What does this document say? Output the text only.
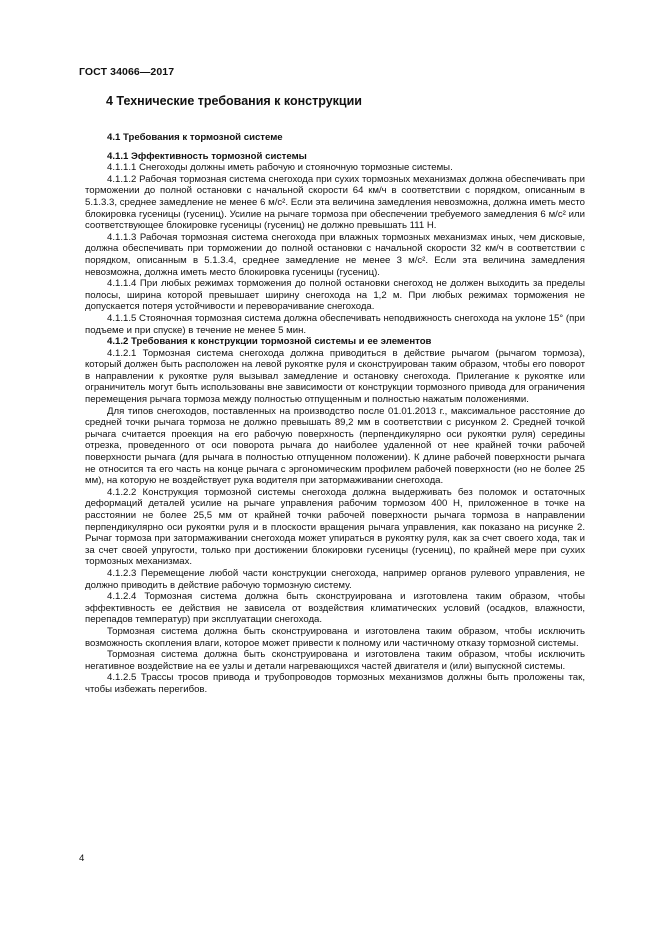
ГОСТ 34066—2017
4 Технические требования к конструкции
4.1 Требования к тормозной системе
4.1.1 Эффективность тормозной системы

4.1.1.1 Снегоходы должны иметь рабочую и стояночную тормозные системы.

4.1.1.2 Рабочая тормозная система снегохода при сухих тормозных механизмах должна обеспечивать при торможении до полной остановки с начальной скорости 64 км/ч в соответствии с порядком, описанным в 5.1.3.3, среднее замедление не менее 6 м/с². Если эта величина замедления невозможна, должна иметь место блокировка гусеницы (гусениц). Усилие на рычаге тормоза при обеспечении требуемого замедления 6 м/с² или соответствующее блокировке гусеницы (гусениц) не должно превышать 111 Н.

4.1.1.3 Рабочая тормозная система снегохода при влажных тормозных механизмах иных, чем дисковые, должна обеспечивать при торможении до полной остановки с начальной скорости 32 км/ч в соответствии с порядком, описанным в 5.1.3.4, среднее замедление не менее 3 м/с². Если эта величина замедления невозможна, должна иметь место блокировка гусеницы (гусениц).

4.1.1.4 При любых режимах торможения до полной остановки снегоход не должен выходить за пределы полосы, ширина которой превышает ширину снегохода на 1,2 м. При любых режимах торможения не допускается потеря устойчивости и переворачивание снегохода.

4.1.1.5 Стояночная тормозная система должна обеспечивать неподвижность снегохода на уклоне 15° (при подъеме и при спуске) в течение не менее 5 мин.

4.1.2 Требования к конструкции тормозной системы и ее элементов

4.1.2.1 Тормозная система снегохода должна приводиться в действие рычагом (рычагом тормоза), который должен быть расположен на левой рукоятке руля и сконструирован таким образом, чтобы его поворот в направлении к рукоятке руля вызывал замедление и остановку снегохода. Прилегание к рукоятке или ограничитель могут быть использованы вне зависимости от конструкции тормозного привода для ограничения перемещения рычага тормоза между полностью отпущенным и полностью нажатым положениями.

Для типов снегоходов, поставленных на производство после 01.01.2013 г., максимальное расстояние до средней точки рычага тормоза не должно превышать 89,2 мм в соответствии с рисунком 2. Средней точкой рычага считается проекция на его рабочую поверхность (перпендикулярно оси рукоятки руля) середины отрезка, проведенного от оси поворота рычага до наиболее удаленной от нее крайней точки рабочей поверхности рычага (для рычага в полностью отпущенном положении). К длине рабочей поверхности рычага не относится та его часть на конце рычага с эргономическим профилем рабочей поверхности (но не более 25 мм), на которую не воздействует рука водителя при затормаживании снегохода.

4.1.2.2 Конструкция тормозной системы снегохода должна выдерживать без поломок и остаточных деформаций деталей усилие на рычаге управления рабочим тормозом 400 Н, приложенное в точке на расстоянии не более 25,5 мм от крайней точки рабочей поверхности рычага тормоза в направлении перпендикулярно оси рукоятки руля и в плоскости вращения рычага управления, как показано на рисунке 2. Рычаг тормоза при затормаживании снегохода может упираться в рукоятку руля, как за счет своего хода, так и за счет своей упругости, только при достижении блокировки гусеницы (гусениц), по крайней мере при сухих тормозных механизмах.

4.1.2.3 Перемещение любой части конструкции снегохода, например органов рулевого управления, не должно приводить в действие рабочую тормозную систему.

4.1.2.4 Тормозная система должна быть сконструирована и изготовлена таким образом, чтобы эффективность ее действия не зависела от воздействия климатических условий (осадков, влажности, перепадов температур) при эксплуатации снегохода.

Тормозная система должна быть сконструирована и изготовлена таким образом, чтобы исключить возможность скопления влаги, которое может привести к полному или частичному отказу тормозной системы.

Тормозная система должна быть сконструирована и изготовлена таким образом, чтобы исключить негативное воздействие на ее узлы и детали нагревающихся частей двигателя и (или) выпускной системы.

4.1.2.5 Трассы тросов привода и трубопроводов тормозных механизмов должны быть проложены так, чтобы избежать перегибов.

4
